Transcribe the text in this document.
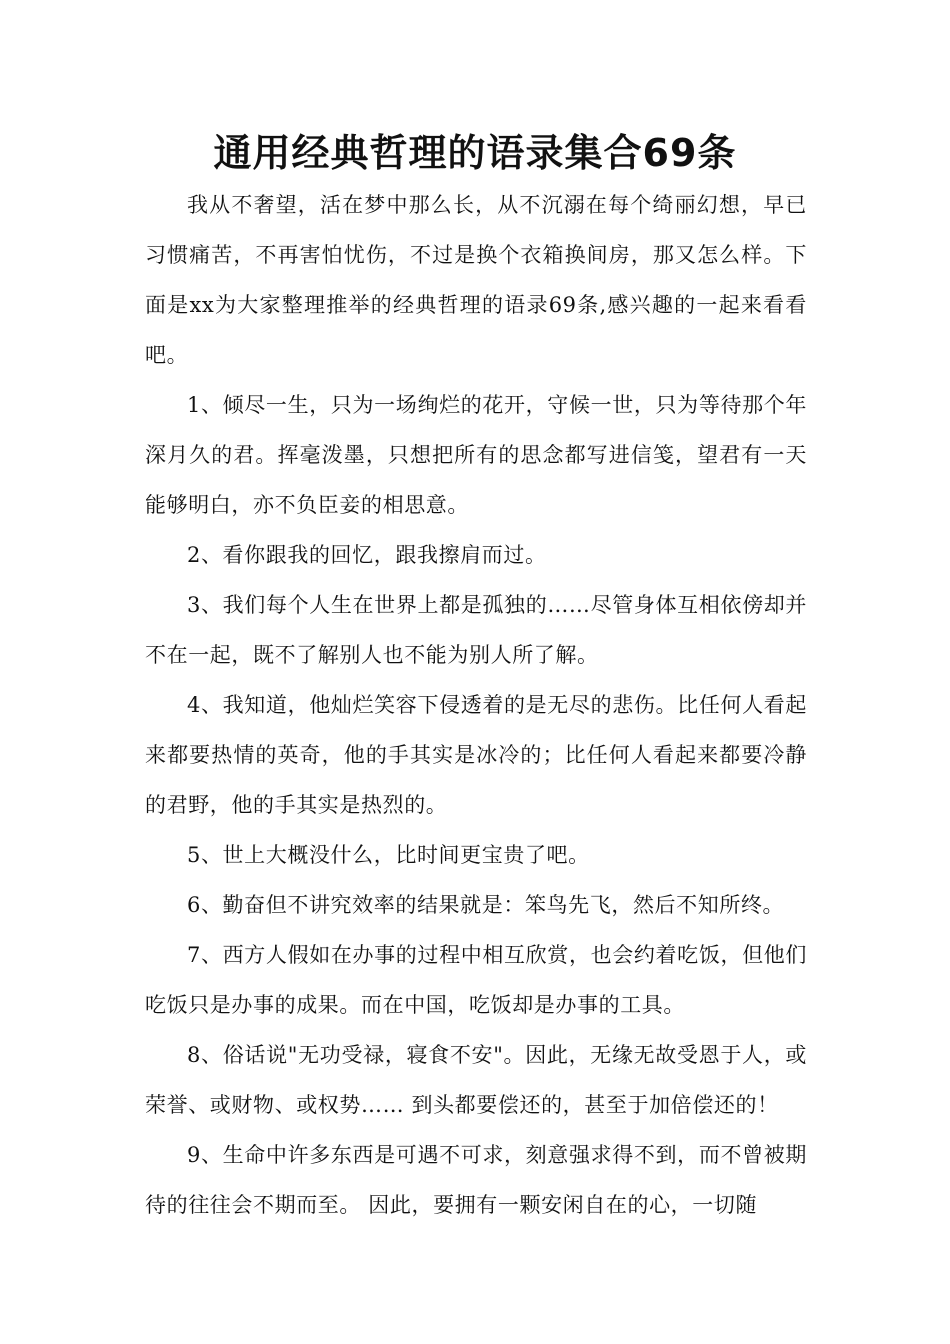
通用经典哲理的语录集合69条

我从不奢望，活在梦中那么长，从不沉溺在每个绮丽幻想，早已习惯痛苦，不再害怕忧伤，不过是换个衣箱换间房，那又怎么样。下面是xx为大家整理推举的经典哲理的语录69条,感兴趣的一起来看看吧。

1、倾尽一生，只为一场绚烂的花开，守候一世，只为等待那个年深月久的君。挥毫泼墨，只想把所有的思念都写进信笺，望君有一天能够明白，亦不负臣妾的相思意。

2、看你跟我的回忆，跟我擦肩而过。

3、我们每个人生在世界上都是孤独的……尽管身体互相依傍却并不在一起，既不了解别人也不能为别人所了解。

4、我知道，他灿烂笑容下侵透着的是无尽的悲伤。比任何人看起来都要热情的英奇，他的手其实是冰冷的；比任何人看起来都要冷静的君野，他的手其实是热烈的。

5、世上大概没什么，比时间更宝贵了吧。

6、勤奋但不讲究效率的结果就是：笨鸟先飞，然后不知所终。

7、西方人假如在办事的过程中相互欣赏，也会约着吃饭，但他们吃饭只是办事的成果。而在中国，吃饭却是办事的工具。

8、俗话说"无功受禄，寝食不安"。因此，无缘无故受恩于人，或荣誉、或财物、或权势…… 到头都要偿还的，甚至于加倍偿还的！

9、生命中许多东西是可遇不可求，刻意强求得不到，而不曾被期待的往往会不期而至。 因此，要拥有一颗安闲自在的心，一切随
